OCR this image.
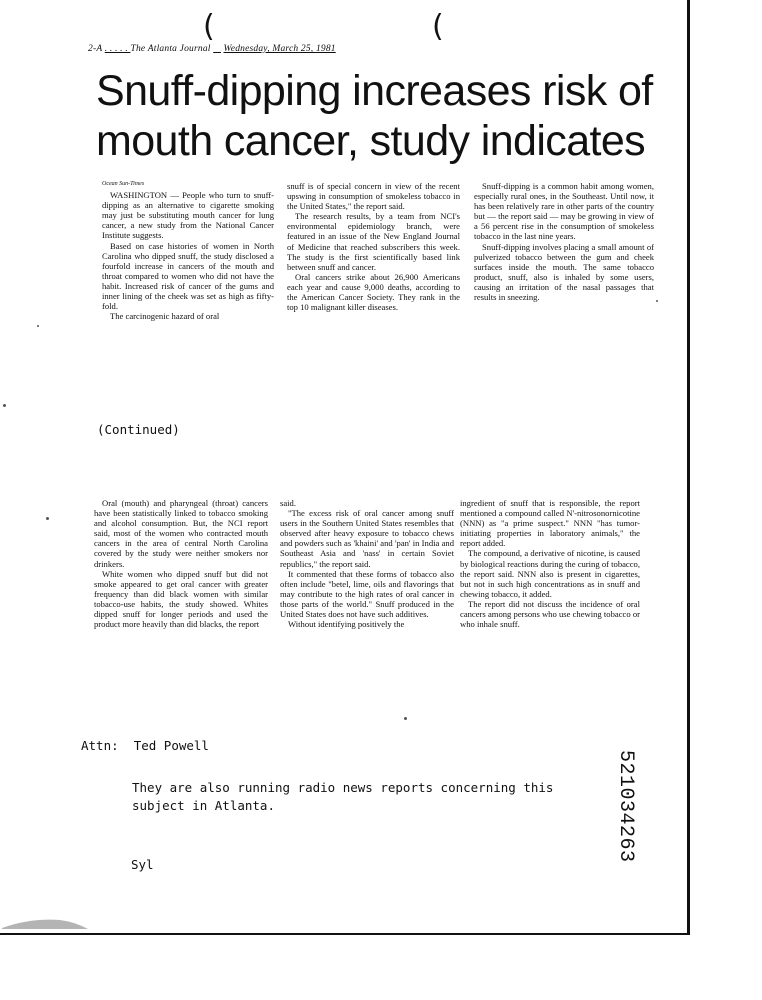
(	(
2-A . . . . . The Atlanta Journal Wednesday, March 25, 1981
Snuff-dipping increases risk of mouth cancer, study indicates
Ocean Sun-Times

WASHINGTON — People who turn to snuff-dipping as an alternative to cigarette smoking may just be substituting mouth cancer for lung cancer, a new study from the National Cancer Institute suggests.

Based on case histories of women in North Carolina who dipped snuff, the study disclosed a fourfold increase in cancers of the mouth and throat compared to women who did not have the habit. Increased risk of cancer of the gums and inner lining of the cheek was set as high as fifty-fold.

The carcinogenic hazard of oral

snuff is of special concern in view of the recent upswing in consumption of smokeless tobacco in the United States," the report said.

The research results, by a team from NCI's environmental epidemiology branch, were featured in an issue of the New England Journal of Medicine that reached subscribers this week. The study is the first scientifically based link between snuff and cancer.

Oral cancers strike about 26,900 Americans each year and cause 9,000 deaths, according to the American Cancer Society. They rank in the top 10 malignant killer diseases.

Snuff-dipping is a common habit among women, especially rural ones, in the Southeast. Until now, it has been relatively rare in other parts of the country but — the report said — may be growing in view of a 56 percent rise in the consumption of smokeless tobacco in the last nine years.

Snuff-dipping involves placing a small amount of pulverized tobacco between the gum and cheek surfaces inside the mouth. The same tobacco product, snuff, also is inhaled by some users, causing an irritation of the nasal passages that results in sneezing.

(Continued)

Oral (mouth) and pharyngeal (throat) cancers have been statistically linked to tobacco smoking and alcohol consumption. But, the NCI report said, most of the women who contracted mouth cancers in the area of central North Carolina covered by the study were neither smokers nor drinkers.

White women who dipped snuff but did not smoke appeared to get oral cancer with greater frequency than did black women with similar tobacco-use habits, the study showed. Whites dipped snuff for longer periods and used the product more heavily than did blacks, the report

said.

"The excess risk of oral cancer among snuff users in the Southern United States resembles that observed after heavy exposure to tobacco chews and powders such as 'khaini' and 'pan' in India and Southeast Asia and 'nass' in certain Soviet republics," the report said.

It commented that these forms of tobacco also often include "betel, lime, oils and flavorings that may contribute to the high rates of oral cancer in those parts of the world." Snuff produced in the United States does not have such additives.

Without identifying positively the

ingredient of snuff that is responsible, the report mentioned a compound called N'-nitrosonornicotine (NNN) as "a prime suspect." NNN "has tumor-initiating properties in laboratory animals," the report added.

The compound, a derivative of nicotine, is caused by biological reactions during the curing of tobacco, the report said. NNN also is present in cigarettes, but not in such high concentrations as in snuff and chewing tobacco, it added.

The report did not discuss the incidence of oral cancers among persons who use chewing tobacco or who inhale snuff.

Attn: Ted Powell
They are also running radio news reports concerning this subject in Atlanta.
Syl
521034263
